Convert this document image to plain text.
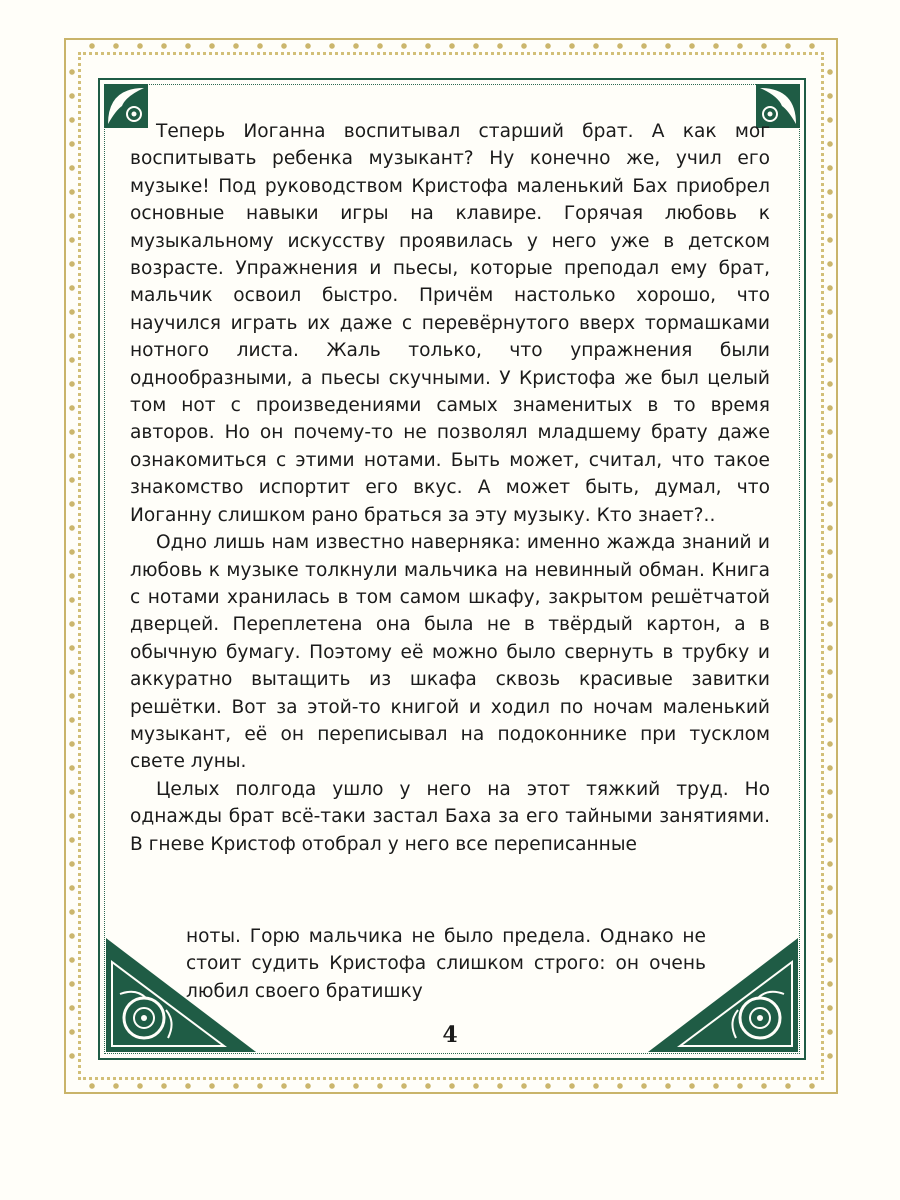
Теперь Иоганна воспитывал старший брат. А как мог воспитывать ребенка музыкант? Ну конечно же, учил его музыке! Под руководством Кристофа маленький Бах приобрел основные навыки игры на клавире. Горячая любовь к музыкальному искусству проявилась у него уже в детском возрасте. Упражнения и пьесы, которые преподал ему брат, мальчик освоил быстро. Причём настолько хорошо, что научился играть их даже с перевёрнутого вверх тормашками нотного листа. Жаль только, что упражнения были однообразными, а пьесы скучными. У Кристофа же был целый том нот с произведениями самых знаменитых в то время авторов. Но он почему-то не позволял младшему брату даже ознакомиться с этими нотами. Быть может, считал, что такое знакомство испортит его вкус. А может быть, думал, что Иоганну слишком рано браться за эту музыку. Кто знает?..

Одно лишь нам известно наверняка: именно жажда знаний и любовь к музыке толкнули мальчика на невинный обман. Книга с нотами хранилась в том самом шкафу, закрытом решётчатой дверцей. Переплетена она была не в твёрдый картон, а в обычную бумагу. Поэтому её можно было свернуть в трубку и аккуратно вытащить из шкафа сквозь красивые завитки решётки. Вот за этой-то книгой и ходил по ночам маленький музыкант, её он переписывал на подоконнике при тусклом свете луны.

Целых полгода ушло у него на этот тяжкий труд. Но однажды брат всё-таки застал Баха за его тайными занятиями. В гневе Кристоф отобрал у него все переписанные

ноты. Горю мальчика не было предела. Однако не стоит судить Кристофа слишком строго: он очень любил своего братишку

4
